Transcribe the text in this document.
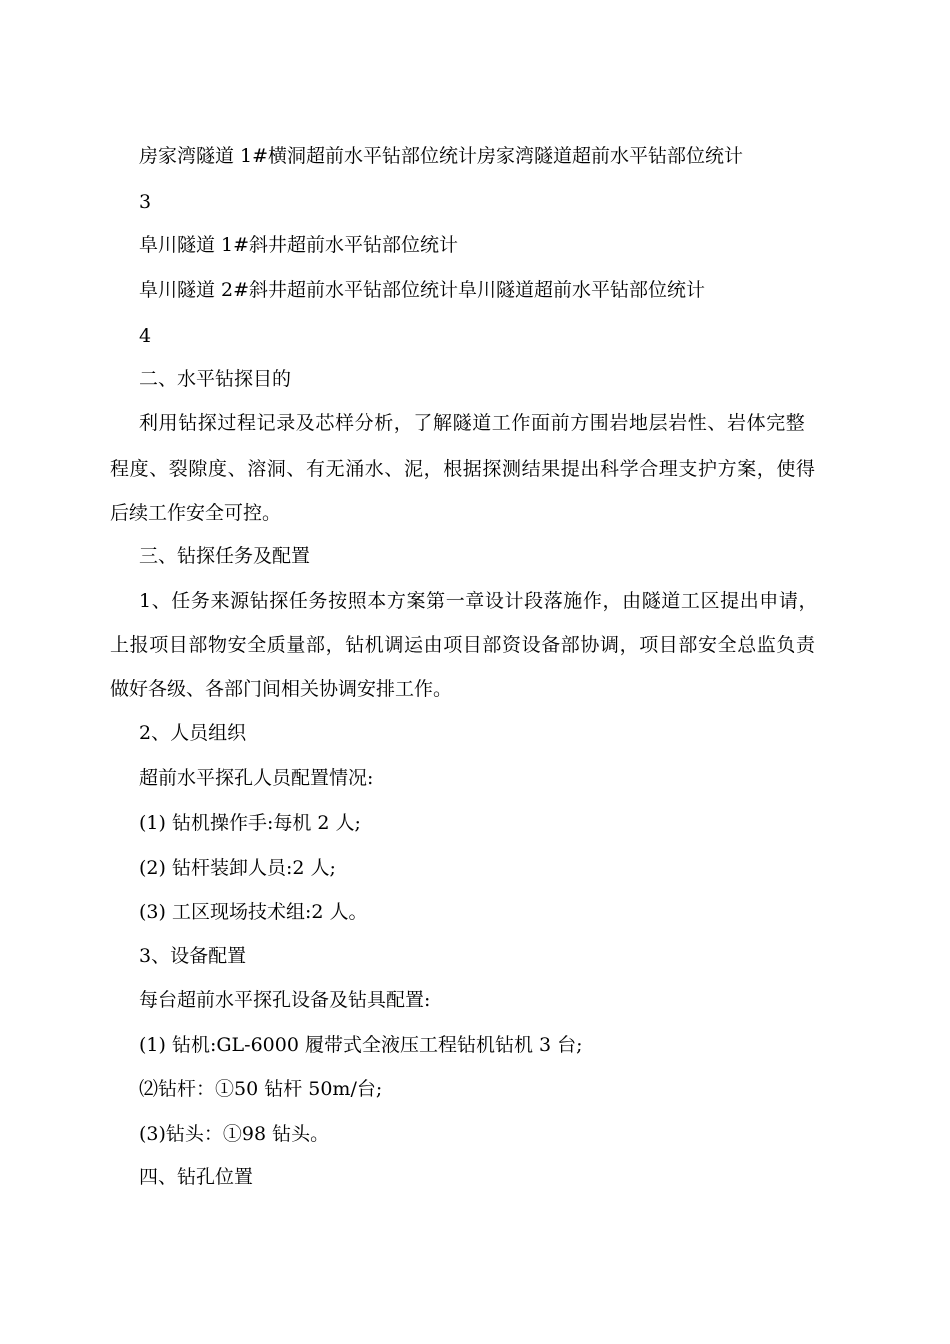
房家湾隧道 1#横洞超前水平钻部位统计房家湾隧道超前水平钻部位统计
3
阜川隧道 1#斜井超前水平钻部位统计
阜川隧道 2#斜井超前水平钻部位统计阜川隧道超前水平钻部位统计
4
二、水平钻探目的
利用钻探过程记录及芯样分析，了解隧道工作面前方围岩地层岩性、岩体完整
程度、裂隙度、溶洞、有无涌水、泥，根据探测结果提出科学合理支护方案，使得
后续工作安全可控。
三、钻探任务及配置
1、任务来源钻探任务按照本方案第一章设计段落施作，由隧道工区提出申请，
上报项目部物安全质量部，钻机调运由项目部资设备部协调，项目部安全总监负责
做好各级、各部门间相关协调安排工作。
2、人员组织
超前水平探孔人员配置情况:
(1) 钻机操作手:每机 2 人;
(2) 钻杆装卸人员:2 人;
(3) 工区现场技术组:2 人。
3、设备配置
每台超前水平探孔设备及钻具配置:
(1) 钻机:GL-6000 履带式全液压工程钻机钻机 3 台;
⑵钻杆：①50 钻杆 50m/台;
(3)钻头：①98 钻头。
四、钻孔位置
